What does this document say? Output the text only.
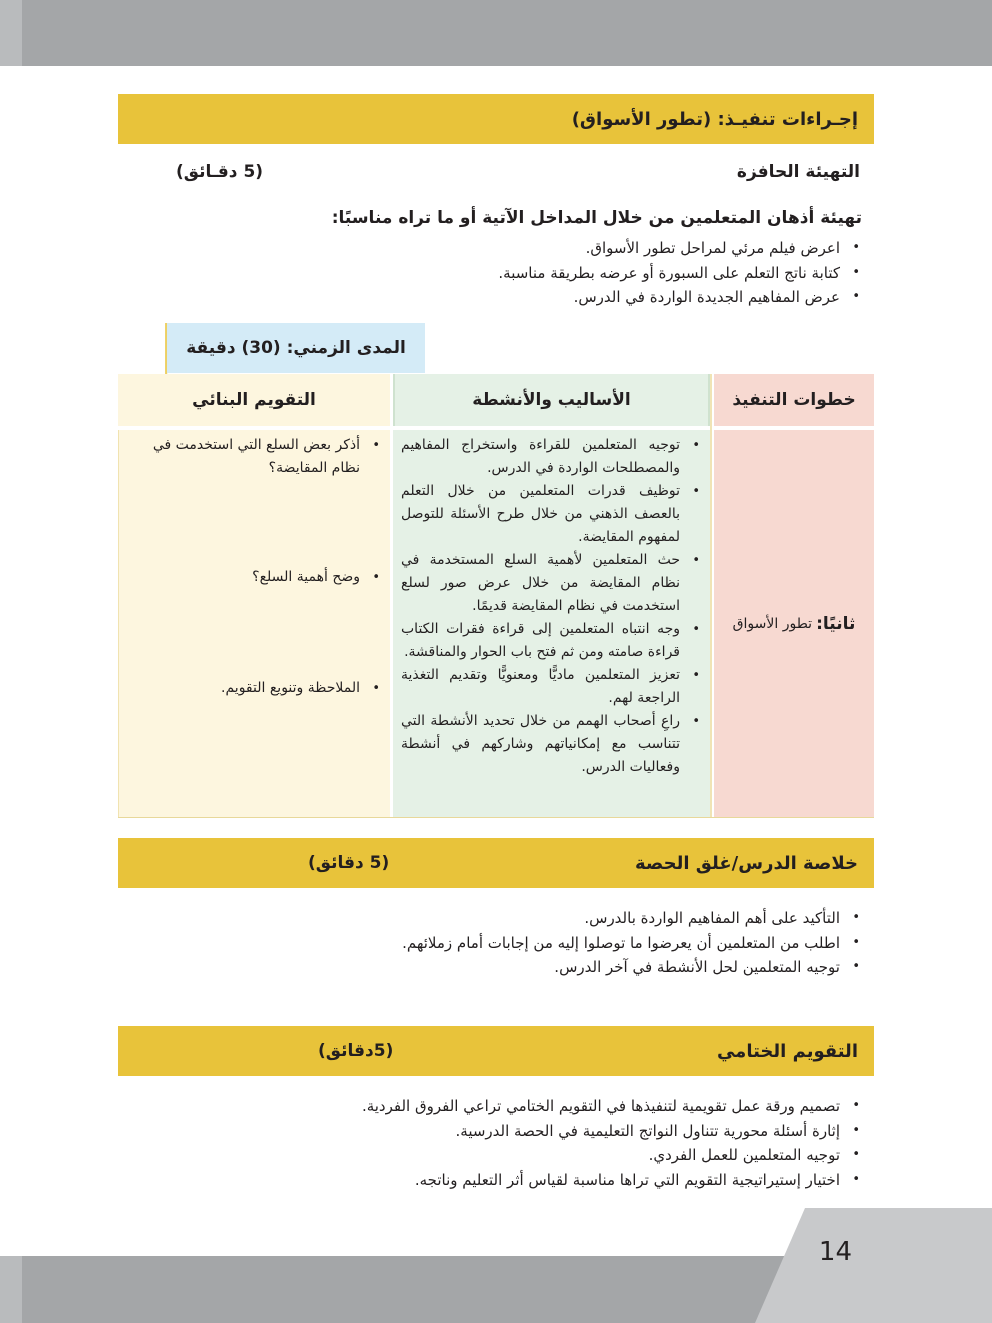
إجـراءات تنفيـذ: (تطور الأسواق)
التهيئة الحافزة
(5 دقـائق)
تهيئة أذهان المتعلمين من خلال المداخل الآتية أو ما تراه مناسبًا:
• اعرض فيلم مرئي لمراحل تطور الأسواق.
• كتابة ناتج التعلم على السبورة أو عرضه بطريقة مناسبة.
• عرض المفاهيم الجديدة الواردة في الدرس.
المدى الزمني: (30) دقيقة
خطوات التنفيذ
ثانيًا:
تطور الأسواق
الأساليب والأنشطة
• توجيه المتعلمين للقراءة واستخراج المفاهيم والمصطلحات الواردة في الدرس.
• توظيف قدرات المتعلمين من خلال التعلم بالعصف الذهني من خلال طرح الأسئلة للتوصل لمفهوم المقايضة.
• حث المتعلمين لأهمية السلع المستخدمة في نظام المقايضة من خلال عرض صور لسلع استخدمت في نظام المقايضة قديمًا.
• وجه انتباه المتعلمين إلى قراءة فقرات الكتاب قراءة صامته ومن ثم فتح باب الحوار والمناقشة.
• تعزيز المتعلمين ماديًّا ومعنويًّا وتقديم التغذية الراجعة لهم.
• راعِ أصحاب الهمم من خلال تحديد الأنشطة التي تتناسب مع إمكانياتهم وشاركهم في أنشطة وفعاليات الدرس.
التقويم البنائي
• أذكر بعض السلع التي استخدمت في نظام المقايضة؟
• وضح أهمية السلع؟
• الملاحظة وتنويع التقويم.
خلاصة الدرس/غلق الحصة
(5 دقائق)
• التأكيد على أهم المفاهيم الواردة بالدرس.
• اطلب من المتعلمين أن يعرضوا ما توصلوا إليه من إجابات أمام زملائهم.
• توجيه المتعلمين لحل الأنشطة في آخر الدرس.
التقويم الختامي
(5دقائق)
• تصميم ورقة عمل تقويمية لتنفيذها في التقويم الختامي تراعي الفروق الفردية.
• إثارة أسئلة محورية تتناول النواتج التعليمية في الحصة الدرسية.
• توجيه المتعلمين للعمل الفردي.
• اختيار إستيراتيجية التقويم التي تراها مناسبة لقياس أثر التعليم وناتجه.
14
